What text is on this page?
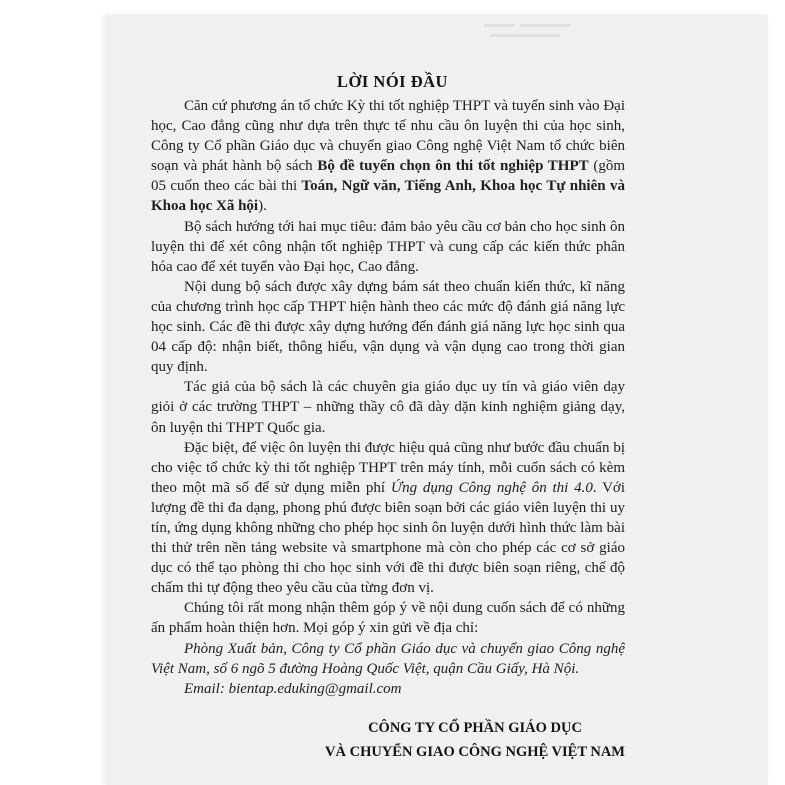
LỜI NÓI ĐẦU

Căn cứ phương án tổ chức Kỳ thi tốt nghiệp THPT và tuyển sinh vào Đại học, Cao đẳng cũng như dựa trên thực tế nhu cầu ôn luyện thi của học sinh, Công ty Cổ phần Giáo dục và chuyển giao Công nghệ Việt Nam tổ chức biên soạn và phát hành bộ sách Bộ đề tuyển chọn ôn thi tốt nghiệp THPT (gồm 05 cuốn theo các bài thi Toán, Ngữ văn, Tiếng Anh, Khoa học Tự nhiên và Khoa học Xã hội).

Bộ sách hướng tới hai mục tiêu: đảm bảo yêu cầu cơ bản cho học sinh ôn luyện thi để xét công nhận tốt nghiệp THPT và cung cấp các kiến thức phân hóa cao để xét tuyển vào Đại học, Cao đẳng.

Nội dung bộ sách được xây dựng bám sát theo chuẩn kiến thức, kĩ năng của chương trình học cấp THPT hiện hành theo các mức độ đánh giá năng lực học sinh. Các đề thi được xây dựng hướng đến đánh giá năng lực học sinh qua 04 cấp độ: nhận biết, thông hiểu, vận dụng và vận dụng cao trong thời gian quy định.

Tác giả của bộ sách là các chuyên gia giáo dục uy tín và giáo viên dạy giỏi ở các trường THPT – những thầy cô đã dày dặn kinh nghiệm giảng dạy, ôn luyện thi THPT Quốc gia.

Đặc biệt, để việc ôn luyện thi được hiệu quả cũng như bước đầu chuẩn bị cho việc tổ chức kỳ thi tốt nghiệp THPT trên máy tính, mỗi cuốn sách có kèm theo một mã số để sử dụng miễn phí Ứng dụng Công nghệ ôn thi 4.0. Với lượng đề thi đa dạng, phong phú được biên soạn bởi các giáo viên luyện thi uy tín, ứng dụng không những cho phép học sinh ôn luyện dưới hình thức làm bài thi thử trên nền tảng website và smartphone mà còn cho phép các cơ sở giáo dục có thể tạo phòng thi cho học sinh với đề thi được biên soạn riêng, chế độ chấm thi tự động theo yêu cầu của từng đơn vị.

Chúng tôi rất mong nhận thêm góp ý về nội dung cuốn sách để có những ấn phẩm hoàn thiện hơn. Mọi góp ý xin gửi về địa chỉ:

Phòng Xuất bản, Công ty Cổ phần Giáo dục và chuyển giao Công nghệ Việt Nam, số 6 ngõ 5 đường Hoàng Quốc Việt, quận Cầu Giấy, Hà Nội.

Email: bientap.eduking@gmail.com

CÔNG TY CỔ PHẦN GIÁO DỤC
VÀ CHUYỂN GIAO CÔNG NGHỆ VIỆT NAM
